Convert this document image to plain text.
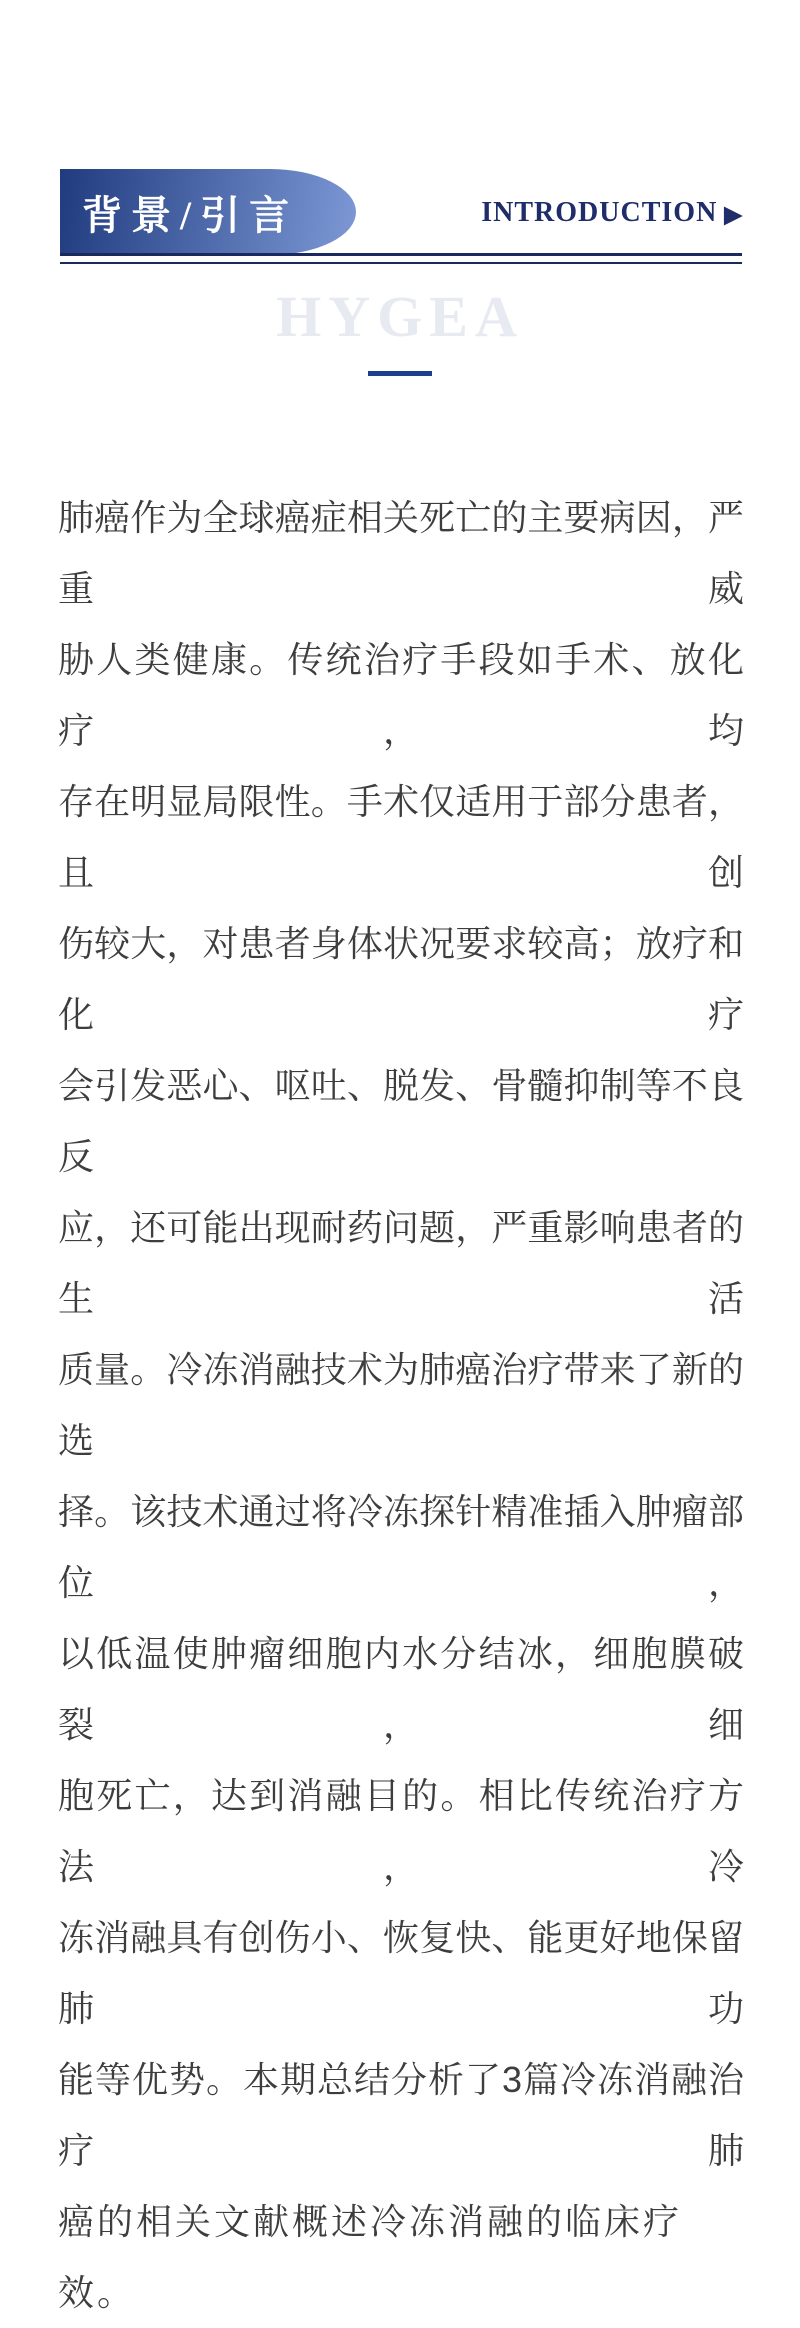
背景/引言	INTRODUCTION ▶
HYGEA
肺癌作为全球癌症相关死亡的主要病因，严重威
胁人类健康。传统治疗手段如手术、放化疗，均
存在明显局限性。手术仅适用于部分患者，且创
伤较大，对患者身体状况要求较高；放疗和化疗
会引发恶心、呕吐、脱发、骨髓抑制等不良反
应，还可能出现耐药问题，严重影响患者的生活
质量。冷冻消融技术为肺癌治疗带来了新的选
择。该技术通过将冷冻探针精准插入肿瘤部位，
以低温使肿瘤细胞内水分结冰，细胞膜破裂，细
胞死亡，达到消融目的。相比传统治疗方法，冷
冻消融具有创伤小、恢复快、能更好地保留肺功
能等优势。本期总结分析了3篇冷冻消融治疗肺
癌的相关文献概述冷冻消融的临床疗效。
